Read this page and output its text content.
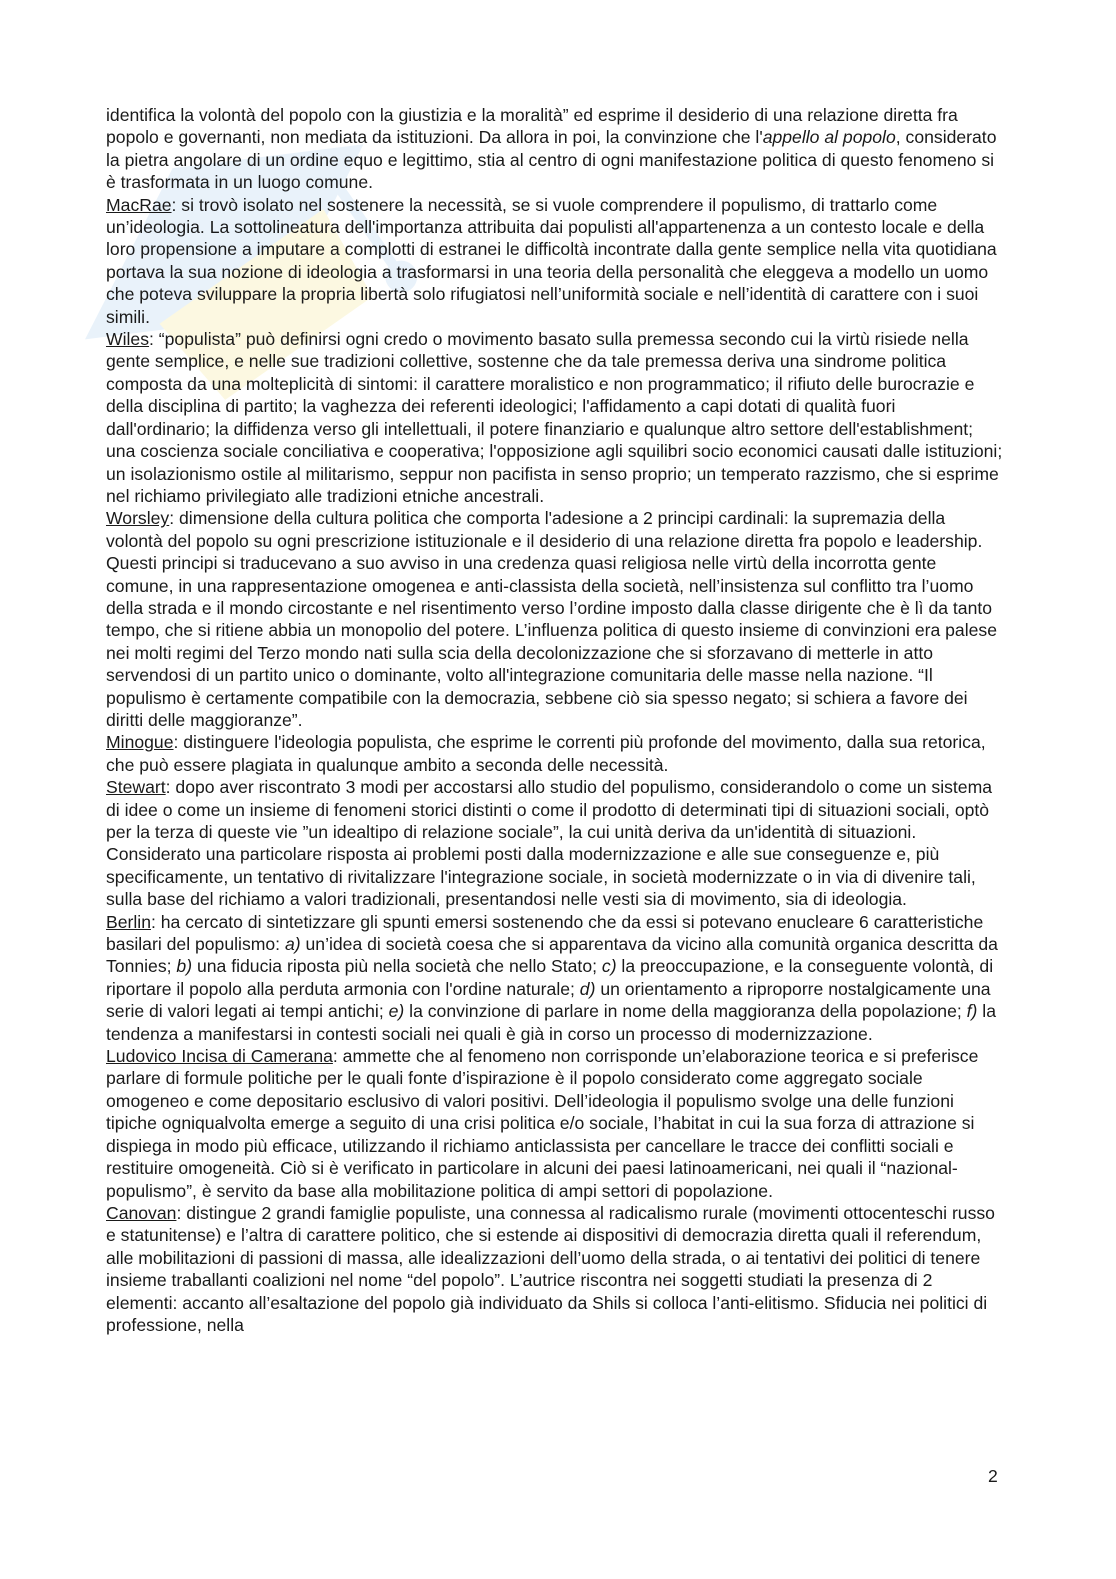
identifica la volontà del popolo con la giustizia e la moralità” ed esprime il desiderio di una relazione diretta fra popolo e governanti, non mediata da istituzioni. Da allora in poi, la convinzione che l'appello al popolo, considerato la pietra angolare di un ordine equo e legittimo, stia al centro di ogni manifestazione politica di questo fenomeno si è trasformata in un luogo comune.

MacRae: si trovò isolato nel sostenere la necessità, se si vuole comprendere il populismo, di trattarlo come un’ideologia. La sottolineatura dell'importanza attribuita dai populisti all'appartenenza a un contesto locale e della loro propensione a imputare a complotti di estranei le difficoltà incontrate dalla gente semplice nella vita quotidiana portava la sua nozione di ideologia a trasformarsi in una teoria della personalità che eleggeva a modello un uomo che poteva sviluppare la propria libertà solo rifugiatosi nell’uniformità sociale e nell’identità di carattere con i suoi simili.

Wiles: “populista” può definirsi ogni credo o movimento basato sulla premessa secondo cui la virtù risiede nella gente semplice, e nelle sue tradizioni collettive, sostenne che da tale premessa deriva una sindrome politica composta da una molteplicità di sintomi: il carattere moralistico e non programmatico; il rifiuto delle burocrazie e della disciplina di partito; la vaghezza dei referenti ideologici; l'affidamento a capi dotati di qualità fuori dall'ordinario; la diffidenza verso gli intellettuali, il potere finanziario e qualunque altro settore dell'establishment; una coscienza sociale conciliativa e cooperativa; l'opposizione agli squilibri socio economici causati dalle istituzioni; un isolazionismo ostile al militarismo, seppur non pacifista in senso proprio; un temperato razzismo, che si esprime nel richiamo privilegiato alle tradizioni etniche ancestrali.

Worsley: dimensione della cultura politica che comporta l'adesione a 2 principi cardinali: la supremazia della volontà del popolo su ogni prescrizione istituzionale e il desiderio di una relazione diretta fra popolo e leadership. Questi principi si traducevano a suo avviso in una credenza quasi religiosa nelle virtù della incorrotta gente comune, in una rappresentazione omogenea e anti-classista della società, nell’insistenza sul conflitto tra l’uomo della strada e il mondo circostante e nel risentimento verso l’ordine imposto dalla classe dirigente che è lì da tanto tempo, che si ritiene abbia un monopolio del potere. L’influenza politica di questo insieme di convinzioni era palese nei molti regimi del Terzo mondo nati sulla scia della decolonizzazione che si sforzavano di metterle in atto servendosi di un partito unico o dominante, volto all'integrazione comunitaria delle masse nella nazione. “Il populismo è certamente compatibile con la democrazia, sebbene ciò sia spesso negato; si schiera a favore dei diritti delle maggioranze”.

Minogue: distinguere l'ideologia populista, che esprime le correnti più profonde del movimento, dalla sua retorica, che può essere plagiata in qualunque ambito a seconda delle necessità.

Stewart: dopo aver riscontrato 3 modi per accostarsi allo studio del populismo, considerandolo o come un sistema di idee o come un insieme di fenomeni storici distinti o come il prodotto di determinati tipi di situazioni sociali, optò per la terza di queste vie ”un idealtipo di relazione sociale”, la cui unità deriva da un'identità di situazioni. Considerato una particolare risposta ai problemi posti dalla modernizzazione e alle sue conseguenze e, più specificamente, un tentativo di rivitalizzare l'integrazione sociale, in società modernizzate o in via di divenire tali, sulla base del richiamo a valori tradizionali, presentandosi nelle vesti sia di movimento, sia di ideologia.

Berlin: ha cercato di sintetizzare gli spunti emersi sostenendo che da essi si potevano enucleare 6 caratteristiche basilari del populismo: a) un’idea di società coesa che si apparentava da vicino alla comunità organica descritta da Tonnies; b) una fiducia riposta più nella società che nello Stato; c) la preoccupazione, e la conseguente volontà, di riportare il popolo alla perduta armonia con l'ordine naturale; d) un orientamento a riproporre nostalgicamente una serie di valori legati ai tempi antichi; e) la convinzione di parlare in nome della maggioranza della popolazione; f) la tendenza a manifestarsi in contesti sociali nei quali è già in corso un processo di modernizzazione.

Ludovico Incisa di Camerana: ammette che al fenomeno non corrisponde un’elaborazione teorica e si preferisce parlare di formule politiche per le quali fonte d’ispirazione è il popolo considerato come aggregato sociale omogeneo e come depositario esclusivo di valori positivi. Dell’ideologia il populismo svolge una delle funzioni tipiche ogniqualvolta emerge a seguito di una crisi politica e/o sociale, l’habitat in cui la sua forza di attrazione si dispiega in modo più efficace, utilizzando il richiamo anticlassista per cancellare le tracce dei conflitti sociali e restituire omogeneità. Ciò si è verificato in particolare in alcuni dei paesi latinoamericani, nei quali il “nazional-populismo”, è servito da base alla mobilitazione politica di ampi settori di popolazione.

Canovan: distingue 2 grandi famiglie populiste, una connessa al radicalismo rurale (movimenti ottocenteschi russo e statunitense) e l’altra di carattere politico, che si estende ai dispositivi di democrazia diretta quali il referendum, alle mobilitazioni di passioni di massa, alle idealizzazioni dell’uomo della strada, o ai tentativi dei politici di tenere insieme traballanti coalizioni nel nome “del popolo”. L’autrice riscontra nei soggetti studiati la presenza di 2 elementi: accanto all’esaltazione del popolo già individuato da Shils si colloca l’anti-elitismo. Sfiducia nei politici di professione, nella

2
